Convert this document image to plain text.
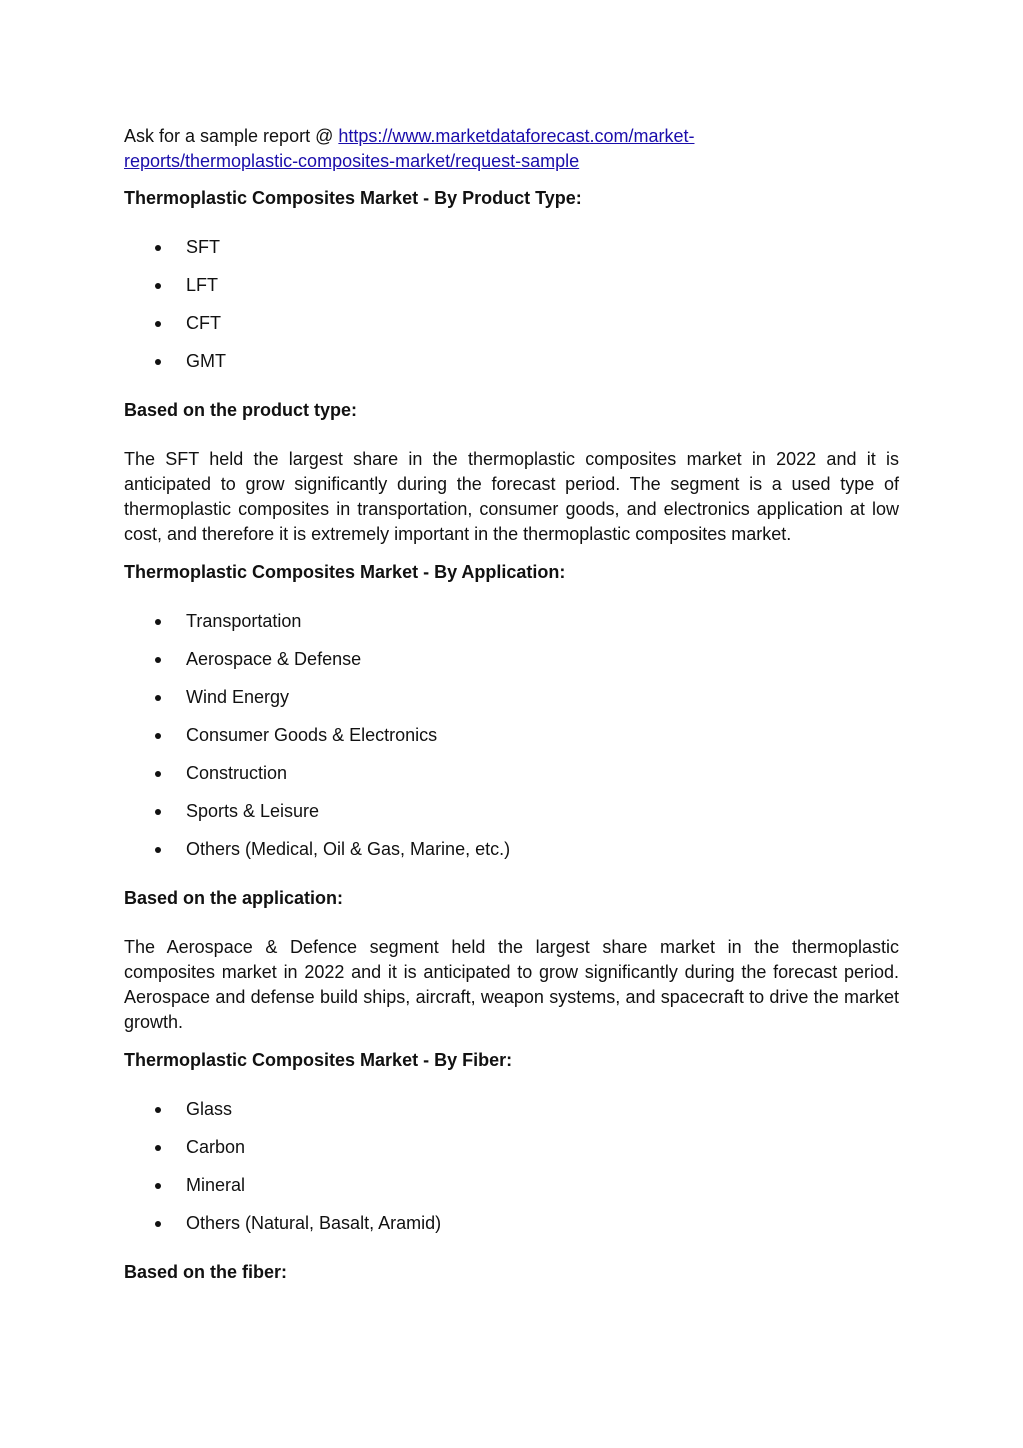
Ask for a sample report @ https://www.marketdataforecast.com/market-
reports/thermoplastic-composites-market/request-sample

Thermoplastic Composites Market - By Product Type:

SFT
LFT
CFT
GMT

Based on the product type:

The SFT held the largest share in the thermoplastic composites market in 2022 and it is anticipated to grow significantly during the forecast period. The segment is a used type of thermoplastic composites in transportation, consumer goods, and electronics application at low cost, and therefore it is extremely important in the thermoplastic composites market.

Thermoplastic Composites Market - By Application:

Transportation
Aerospace & Defense
Wind Energy
Consumer Goods & Electronics
Construction
Sports & Leisure
Others (Medical, Oil & Gas, Marine, etc.)

Based on the application:

The Aerospace & Defence segment held the largest share market in the thermoplastic composites market in 2022 and it is anticipated to grow significantly during the forecast period. Aerospace and defense build ships, aircraft, weapon systems, and spacecraft to drive the market growth.

Thermoplastic Composites Market - By Fiber:

Glass
Carbon
Mineral
Others (Natural, Basalt, Aramid)

Based on the fiber:
